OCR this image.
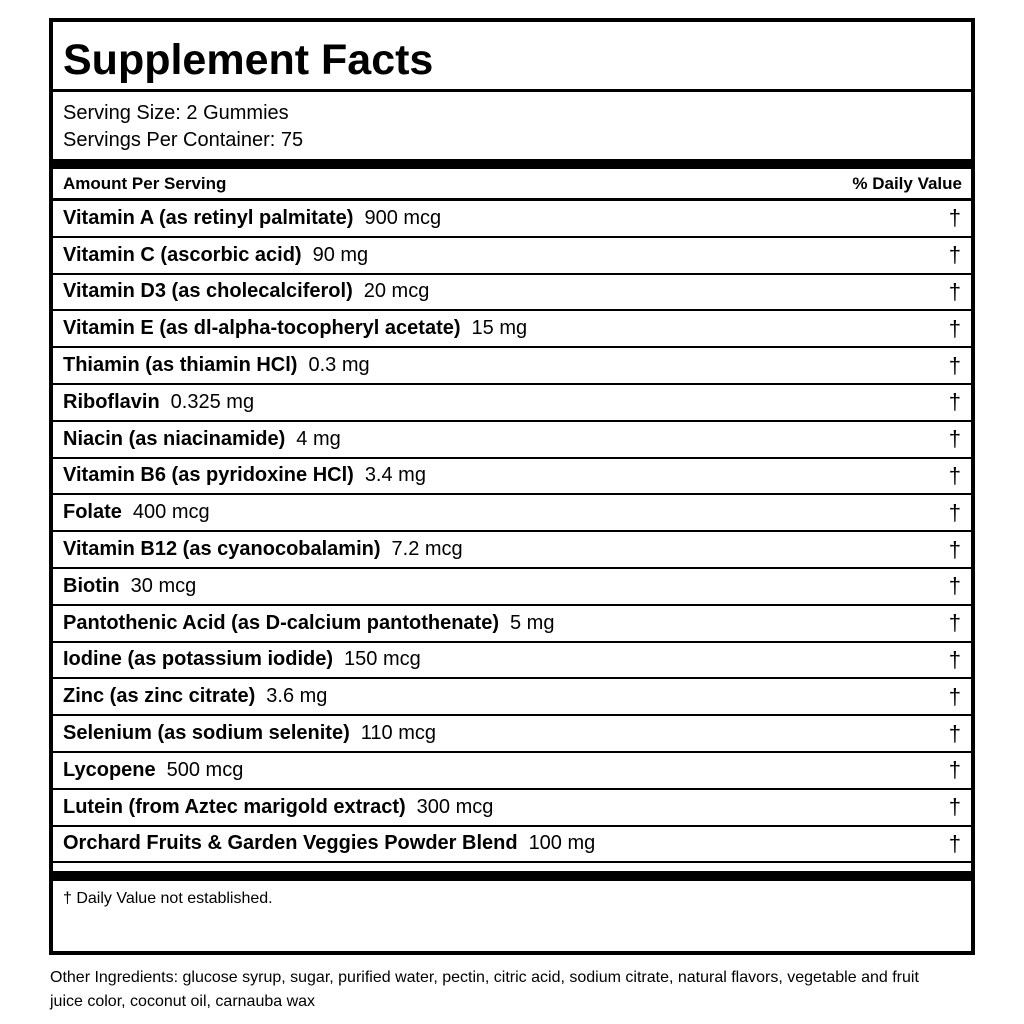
Supplement Facts
Serving Size: 2 Gummies
Servings Per Container: 75
Amount Per Serving	% Daily Value
Vitamin A (as retinyl palmitate) 900 mcg	†
Vitamin C (ascorbic acid) 90 mg	†
Vitamin D3 (as cholecalciferol) 20 mcg	†
Vitamin E (as dl-alpha-tocopheryl acetate) 15 mg	†
Thiamin (as thiamin HCl) 0.3 mg	†
Riboflavin 0.325 mg	†
Niacin (as niacinamide) 4 mg	†
Vitamin B6 (as pyridoxine HCl) 3.4 mg	†
Folate 400 mcg	†
Vitamin B12 (as cyanocobalamin) 7.2 mcg	†
Biotin 30 mcg	†
Pantothenic Acid (as D-calcium pantothenate) 5 mg	†
Iodine (as potassium iodide) 150 mcg	†
Zinc (as zinc citrate) 3.6 mg	†
Selenium (as sodium selenite) 110 mcg	†
Lycopene 500 mcg	†
Lutein (from Aztec marigold extract) 300 mcg	†
Orchard Fruits & Garden Veggies Powder Blend 100 mg	†
† Daily Value not established.
Other Ingredients: glucose syrup, sugar, purified water, pectin, citric acid, sodium citrate, natural flavors, vegetable and fruit juice color, coconut oil, carnauba wax
